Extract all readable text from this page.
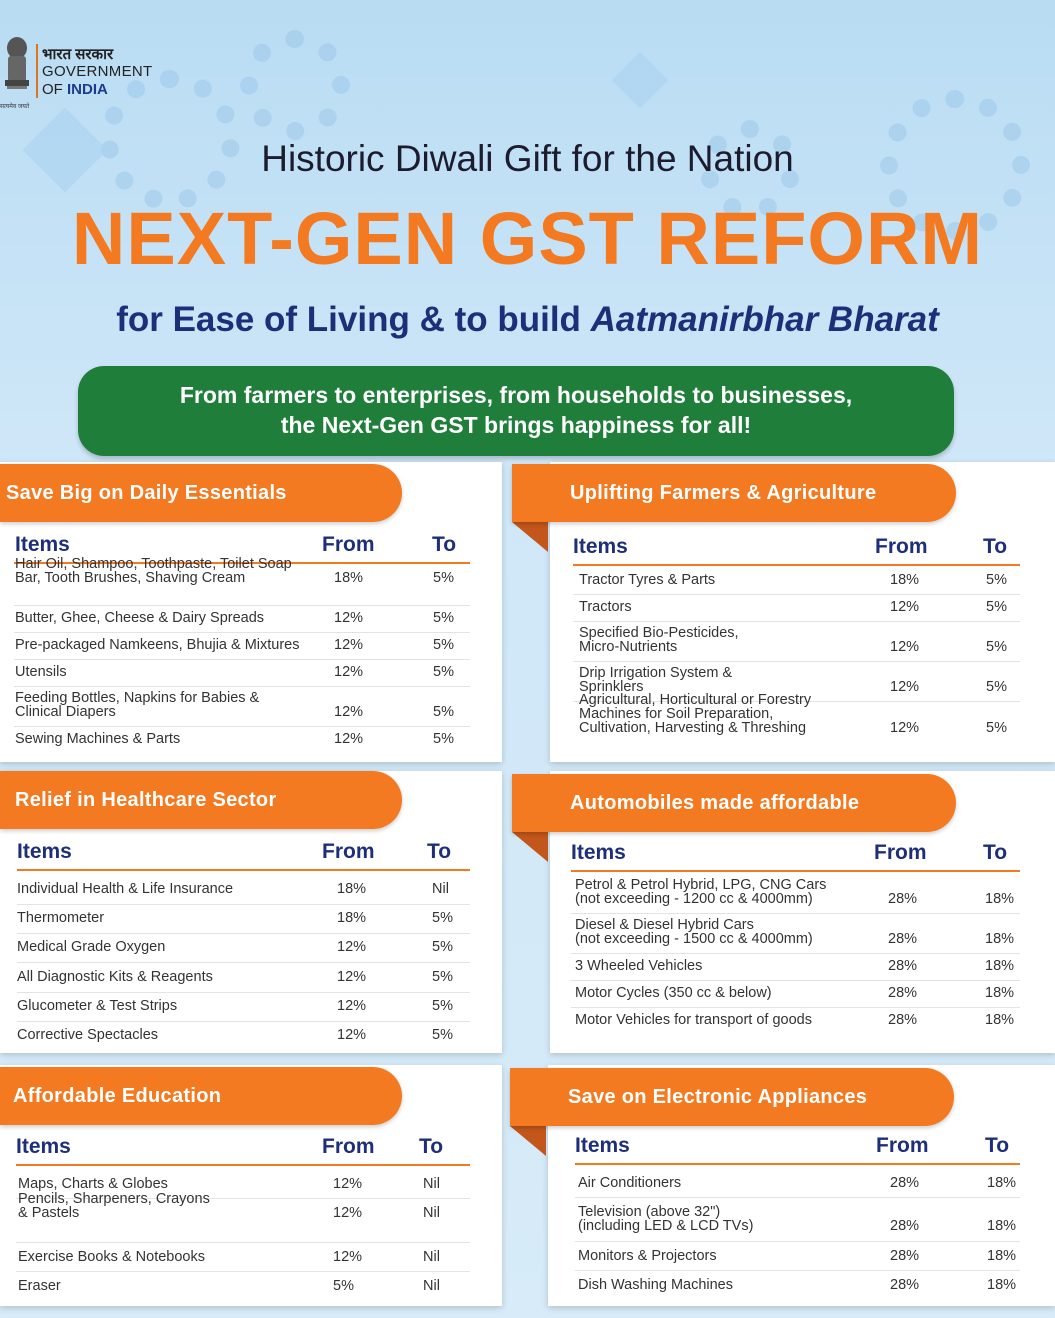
भारत सरकार
GOVERNMENT
OF INDIA
सत्यमेव जयते
Historic Diwali Gift for the Nation
NEXT-GEN GST REFORM
for Ease of Living & to build Aatmanirbhar Bharat
From farmers to enterprises, from households to businesses,
the Next-Gen GST brings happiness for all!
Save Big on Daily Essentials
Items	From	To
Hair Oil, Shampoo, Toothpaste, Toilet Soap
Bar, Tooth Brushes, Shaving Cream	18%	5%
Butter, Ghee, Cheese & Dairy Spreads	12%	5%
Pre-packaged Namkeens, Bhujia & Mixtures 12%	5%
Utensils	12%	5%
Feeding Bottles, Napkins for Babies &
Clinical Diapers	12%	5%
Sewing Machines & Parts	12%	5%
Uplifting Farmers & Agriculture
Items	From	To
Tractor Tyres & Parts	18%	5%
Tractors	12%	5%
Specified Bio-Pesticides,
Micro-Nutrients	12%	5%
Drip Irrigation System &
Sprinklers	12%	5%
Agricultural, Horticultural or Forestry
Machines for Soil Preparation,
Cultivation, Harvesting & Threshing	12%	5%
Relief in Healthcare Sector
Items	From	To
Individual Health & Life Insurance	18%	Nil
Thermometer	18%	5%
Medical Grade Oxygen	12%	5%
All Diagnostic Kits & Reagents	12%	5%
Glucometer & Test Strips	12%	5%
Corrective Spectacles	12%	5%
Automobiles made affordable
Items	From	To
Petrol & Petrol Hybrid, LPG, CNG Cars
(not exceeding - 1200 cc & 4000mm)	28%	18%
Diesel & Diesel Hybrid Cars
(not exceeding - 1500 cc & 4000mm)	28%	18%
3 Wheeled Vehicles	28%	18%
Motor Cycles (350 cc & below)	28%	18%
Motor Vehicles for transport of goods	28%	18%
Affordable Education
Items	From To
Maps, Charts & Globes	12%	Nil
Pencils, Sharpeners, Crayons
& Pastels	12%	Nil
Exercise Books & Notebooks	12%	Nil
Eraser	5%	Nil
Save on Electronic Appliances
Items	From	To
Air Conditioners	28%	18%
Television (above 32")
(including LED & LCD TVs)	28%	18%
Monitors & Projectors	28%	18%
Dish Washing Machines	28%	18%
